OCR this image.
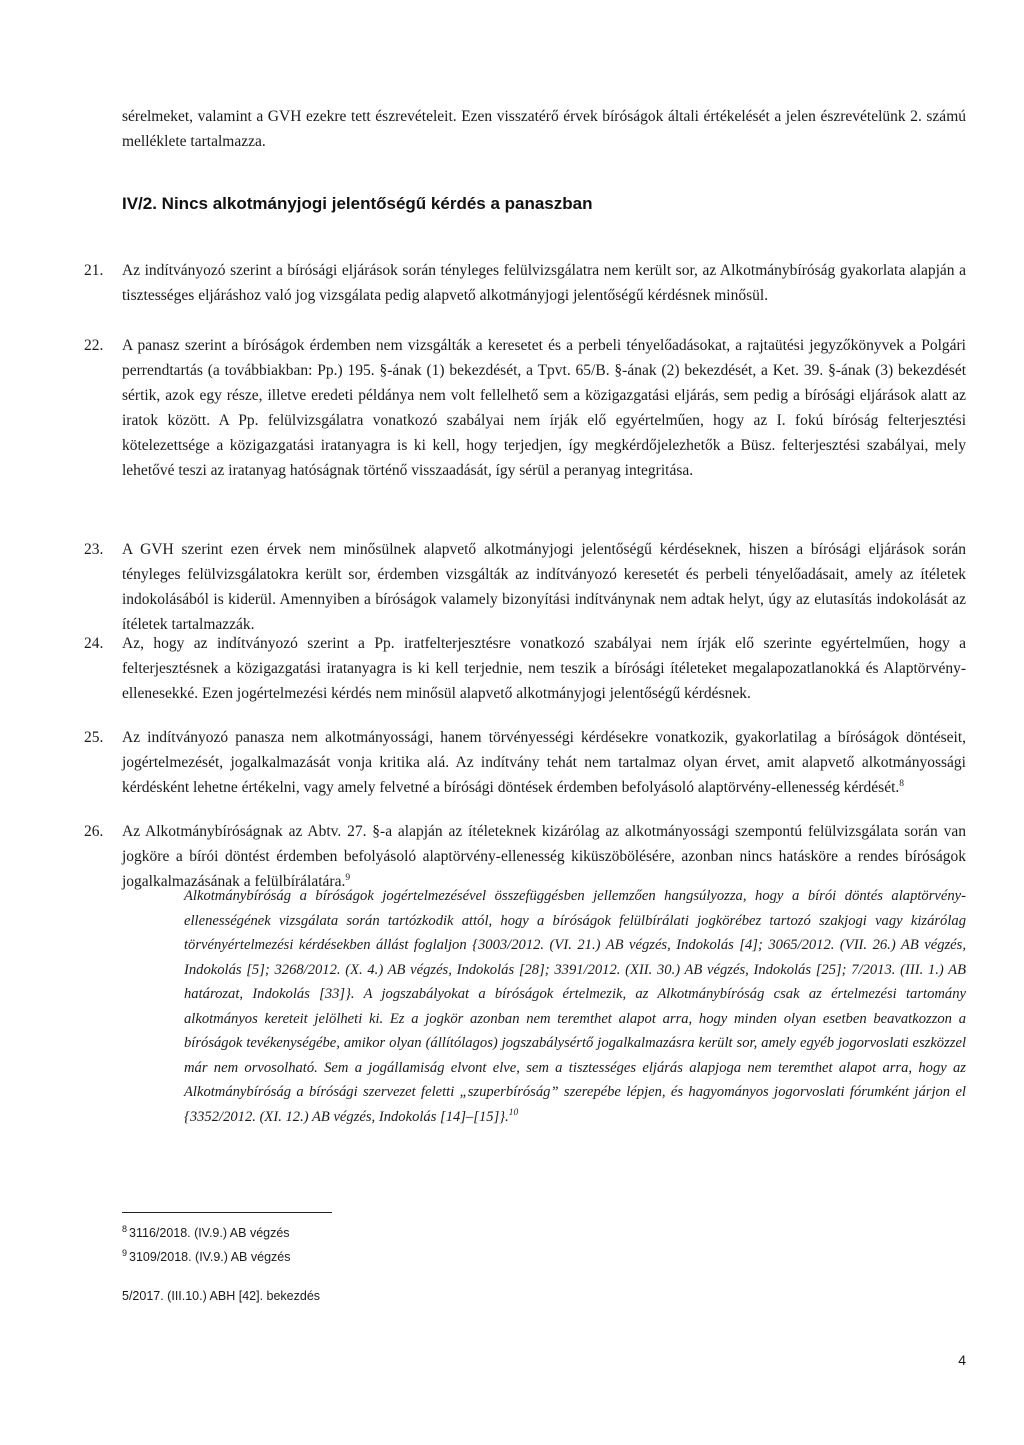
sérelmeket, valamint a GVH ezekre tett észrevételeit. Ezen visszatérő érvek bíróságok általi értékelését a jelen észrevételünk 2. számú melléklete tartalmazza.

IV/2. Nincs alkotmányjogi jelentőségű kérdés a panaszban
21.	Az indítványozó szerint a bírósági eljárások során tényleges felülvizsgálatra nem került sor, az Alkotmánybíróság gyakorlata alapján a tisztességes eljáráshoz való jog vizsgálata pedig alapvető alkotmányjogi jelentőségű kérdésnek minősül.
22.	A panasz szerint a bíróságok érdemben nem vizsgálták a keresetet és a perbeli tényelőadásokat, a rajtaütési jegyzőkönyvek a Polgári perrendtartás (a továbbiakban: Pp.) 195. §-ának (1) bekezdését, a Tpvt. 65/B. §-ának (2) bekezdését, a Ket. 39. §-ának (3) bekezdését sértik, azok egy része, illetve eredeti példánya nem volt fellelhető sem a közigazgatási eljárás, sem pedig a bírósági eljárások alatt az iratok között. A Pp. felülvizsgálatra vonatkozó szabályai nem írják elő egyértelműen, hogy az I. fokú bíróság felterjesztési kötelezettsége a közigazgatási iratanyagra is ki kell, hogy terjedjen, így megkérdőjelezhetők a Büsz. felterjesztési szabályai, mely lehetővé teszi az iratanyag hatóságnak történő visszaadását, így sérül a peranyag integritása.
23.	A GVH szerint ezen érvek nem minősülnek alapvető alkotmányjogi jelentőségű kérdéseknek, hiszen a bírósági eljárások során tényleges felülvizsgálatokra került sor, érdemben vizsgálták az indítványozó keresetét és perbeli tényelőadásait, amely az ítéletek indokolásából is kiderül. Amennyiben a bíróságok valamely bizonyítási indítványnak nem adtak helyt, úgy az elutasítás indokolását az ítéletek tartalmazzák.
24.	Az, hogy az indítványozó szerint a Pp. iratfelterjesztésre vonatkozó szabályai nem írják elő szerinte egyértelműen, hogy a felterjesztésnek a közigazgatási iratanyagra is ki kell terjednie, nem teszik a bírósági ítéleteket megalapozatlanokká és Alaptörvény-ellenesekké. Ezen jogértelmezési kérdés nem minősül alapvető alkotmányjogi jelentőségű kérdésnek.
25.	Az indítványozó panasza nem alkotmányossági, hanem törvényességi kérdésekre vonatkozik, gyakorlatilag a bíróságok döntéseit, jogértelmezését, jogalkalmazását vonja kritika alá. Az indítvány tehát nem tartalmaz olyan érvet, amit alapvető alkotmányossági kérdésként lehetne értékelni, vagy amely felvetné a bírósági döntések érdemben befolyásoló alaptörvény-ellenesség kérdését.$^8$
26.	Az Alkotmánybíróságnak az Abtv. 27. §-a alapján az ítéleteknek kizárólag az alkotmányossági szempontú felülvizsgálata során van jogköre a bírói döntést érdemben befolyásoló alaptörvény-ellenesség kiküszöbölésére, azonban nincs hatásköre a rendes bíróságok jogalkalmazásának a felülbírálatára.$^9$

Alkotmánybíróság a bíróságok jogértelmezésével összefüggésben jellemzően hangsúlyozza, hogy a bírói döntés alaptörvény-ellenességének vizsgálata során tartózkodik attól, hogy a bíróságok felülbírálati jogkörébez tartozó szakjogi vagy kizárólag törvényértelmezési kérdésekben állást foglaljon {3003/2012. (VI. 21.) AB végzés, Indokolás [4]; 3065/2012. (VII. 26.) AB végzés, Indokolás [5]; 3268/2012. (X. 4.) AB végzés, Indokolás [28]; 3391/2012. (XII. 30.) AB végzés, Indokolás [25]; 7/2013. (III. 1.) AB határozat, Indokolás [33]}. A jogszabályokat a bíróságok értelmezik, az Alkotmánybíróság csak az értelmezési tartomány alkotmányos kereteit jelölheti ki. Ez a jogkör azonban nem teremthet alapot arra, hogy minden olyan esetben beavatkozzon a bíróságok tevékenységébe, amikor olyan (állítólagos) jogszabálysértő jogalkalmazásra került sor, amely egyéb jogorvoslati eszközzel már nem orvosolható. Sem a jogállamiság elvont elve, sem a tisztességes eljárás alapjoga nem teremthet alapot arra, hogy az Alkotmánybíróság a bírósági szervezet feletti „szuperbíróság” szerepébe lépjen, és hagyományos jogorvoslati fórumként járjon el {3352/2012. (XI. 12.) AB végzés, Indokolás [14]–[15]}.$^{10}$

$^8$ 3116/2018. (IV.9.) AB végzés

$^9$ 3109/2018. (IV.9.) AB végzés

5/2017. (III.10.) ABH [42]. bekezdés

4
